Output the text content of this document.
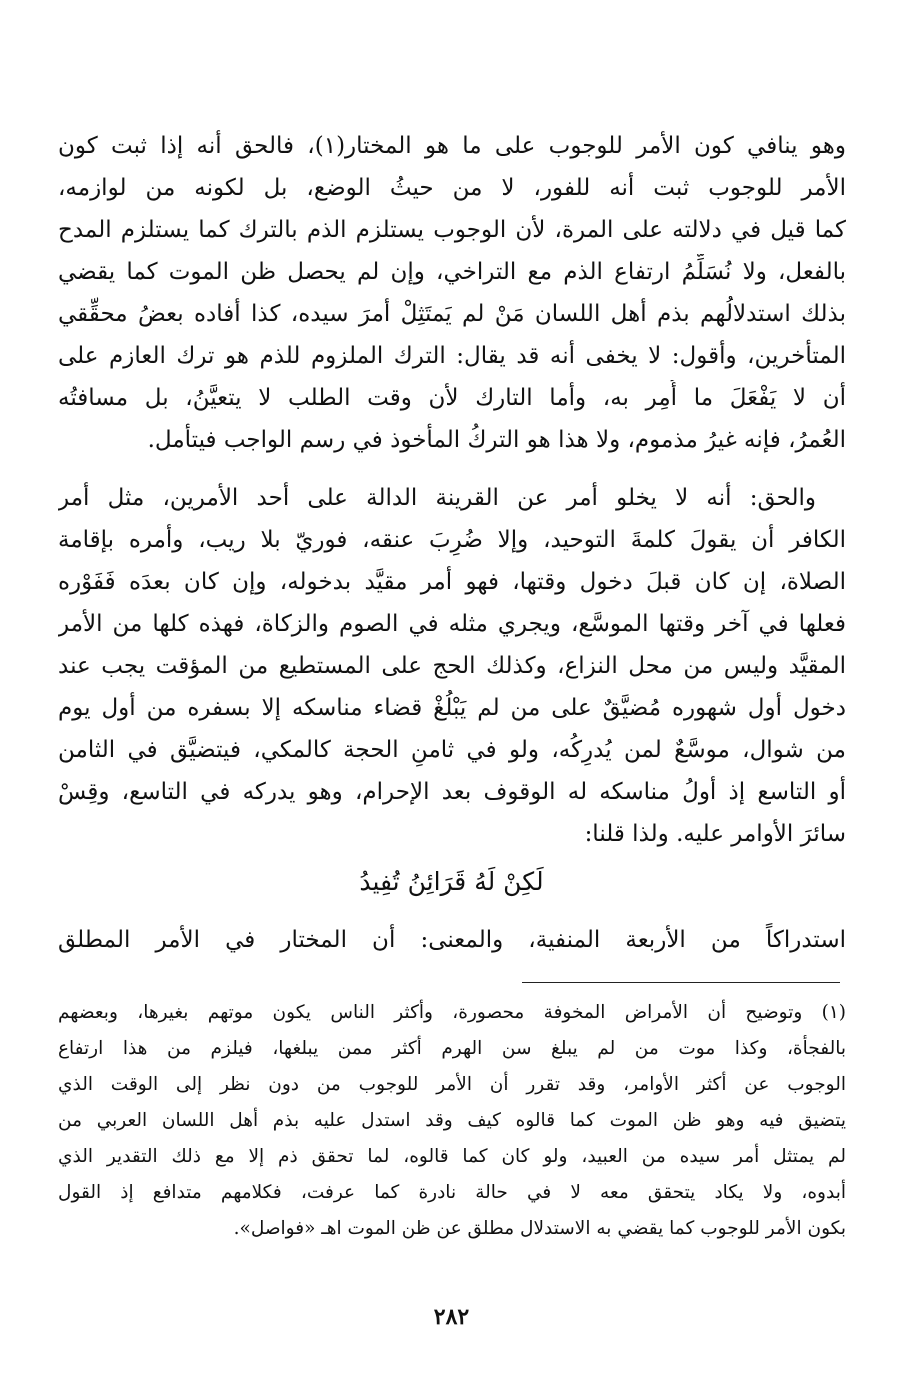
وهو ينافي كون الأمر للوجوب على ما هو المختار(١)، فالحق أنه إذا ثبت كون
الأمر للوجوب ثبت أنه للفور، لا من حيثُ الوضع، بل لكونه من لوازمه،
كما قيل في دلالته على المرة، لأن الوجوب يستلزم الذم بالترك كما يستلزم المدح
بالفعل، ولا نُسَلِّمُ ارتفاع الذم مع التراخي، وإن لم يحصل ظن الموت كما يقضي
بذلك استدلالُهم بذم أهل اللسان مَنْ لم يَمتَثِلْ أمرَ سيده، كذا أفاده بعضُ محقِّقي
المتأخرين، وأقول: لا يخفى أنه قد يقال: الترك الملزوم للذم هو ترك العازم على
أن لا يَفْعَلَ ما أُمِر به، وأما التارك لأن وقت الطلب لا يتعيَّنُ، بل مسافتُه
العُمرُ، فإنه غيرُ مذموم، ولا هذا هو التركُ المأخوذ في رسم الواجب فيتأمل.
والحق: أنه لا يخلو أمر عن القرينة الدالة على أحد الأمرين، مثل أمر
الكافر أن يقولَ كلمةَ التوحيد، وإلا ضُرِبَ عنقه، فوريّ بلا ريب، وأمره بإقامة
الصلاة، إن كان قبلَ دخول وقتها، فهو أمر مقيَّد بدخوله، وإن كان بعدَه فَفَوْره
فعلها في آخر وقتها الموسَّع، ويجري مثله في الصوم والزكاة، فهذه كلها من الأمر
المقيَّد وليس من محل النزاع، وكذلك الحج على المستطيع من المؤقت يجب عند
دخول أول شهوره مُضيَّقٌ على من لم يَبْلُغْ قضاء مناسكه إلا بسفره من أول يوم
من شوال، موسَّعٌ لمن يُدرِكُه، ولو في ثامنِ الحجة كالمكي، فيتضيَّق في الثامن
أو التاسع إذ أولُ مناسكه له الوقوف بعد الإحرام، وهو يدركه في التاسع، وقِسْ
سائرَ الأوامر عليه. ولذا قلنا:
لَكِنْ لَهُ قَرَائِنُ تُفِيدُ
استدراكاً من الأربعة المنفية، والمعنى: أن المختار في الأمر المطلق
(١) وتوضيح أن الأمراض المخوفة محصورة، وأكثر الناس يكون موتهم بغيرها، وبعضهم
بالفجأة، وكذا موت من لم يبلغ سن الهرم أكثر ممن يبلغها، فيلزم من هذا ارتفاع
الوجوب عن أكثر الأوامر، وقد تقرر أن الأمر للوجوب من دون نظر إلى الوقت الذي
يتضيق فيه وهو ظن الموت كما قالوه كيف وقد استدل عليه بذم أهل اللسان العربي من
لم يمتثل أمر سيده من العبيد، ولو كان كما قالوه، لما تحقق ذم إلا مع ذلك التقدير الذي
أبدوه، ولا يكاد يتحقق معه لا في حالة نادرة كما عرفت، فكلامهم متدافع إذ القول
بكون الأمر للوجوب كما يقضي به الاستدلال مطلق عن ظن الموت اهـ «فواصل».
٢٨٢
